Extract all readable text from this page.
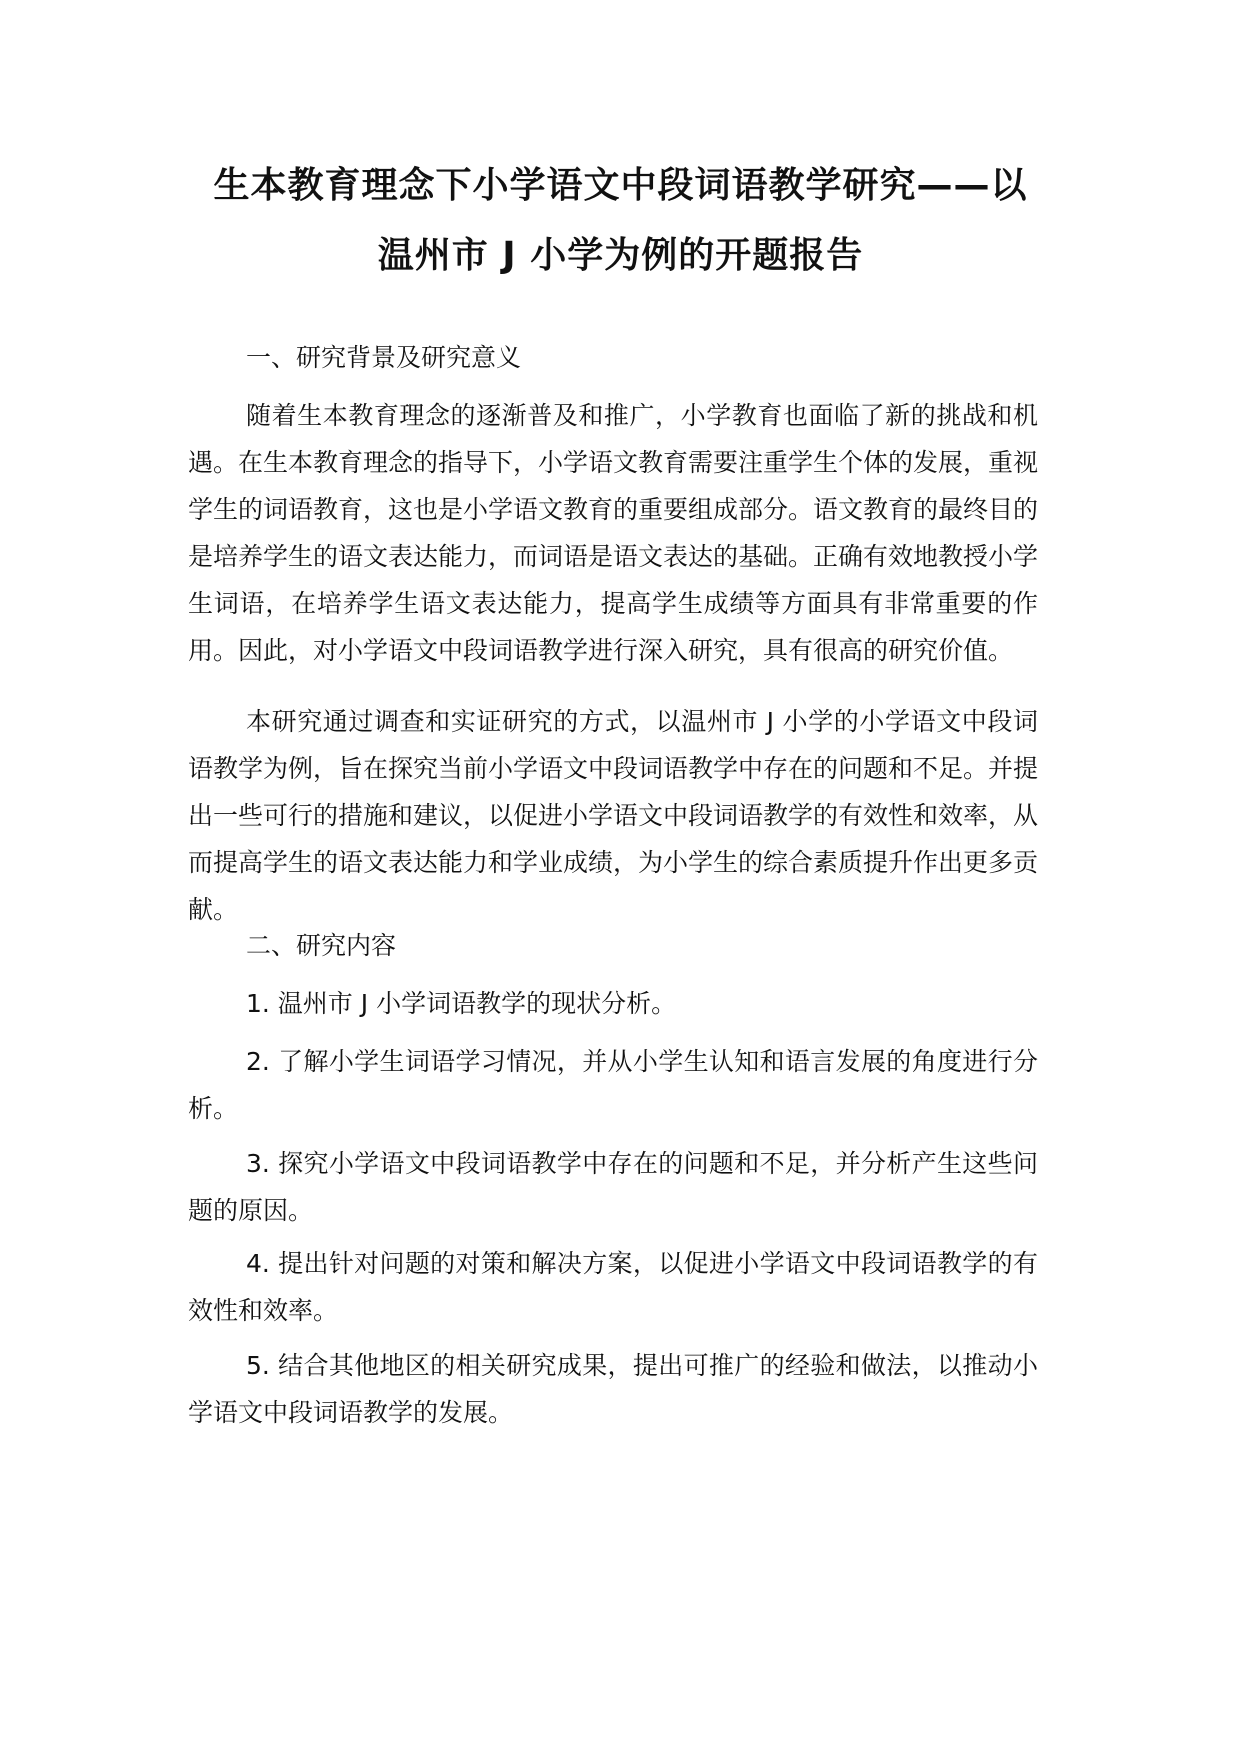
生本教育理念下小学语文中段词语教学研究——以
温州市 J 小学为例的开题报告

一、研究背景及研究意义

随着生本教育理念的逐渐普及和推广，小学教育也面临了新的挑战和机遇。在生本教育理念的指导下，小学语文教育需要注重学生个体的发展，重视学生的词语教育，这也是小学语文教育的重要组成部分。语文教育的最终目的是培养学生的语文表达能力，而词语是语文表达的基础。正确有效地教授小学生词语，在培养学生语文表达能力，提高学生成绩等方面具有非常重要的作用。因此，对小学语文中段词语教学进行深入研究，具有很高的研究价值。

本研究通过调查和实证研究的方式，以温州市 J 小学的小学语文中段词语教学为例，旨在探究当前小学语文中段词语教学中存在的问题和不足。并提出一些可行的措施和建议，以促进小学语文中段词语教学的有效性和效率，从而提高学生的语文表达能力和学业成绩，为小学生的综合素质提升作出更多贡献。

二、研究内容

1. 温州市 J 小学词语教学的现状分析。

2. 了解小学生词语学习情况，并从小学生认知和语言发展的角度进行分析。

3. 探究小学语文中段词语教学中存在的问题和不足，并分析产生这些问题的原因。

4. 提出针对问题的对策和解决方案，以促进小学语文中段词语教学的有效性和效率。

5. 结合其他地区的相关研究成果，提出可推广的经验和做法，以推动小学语文中段词语教学的发展。
